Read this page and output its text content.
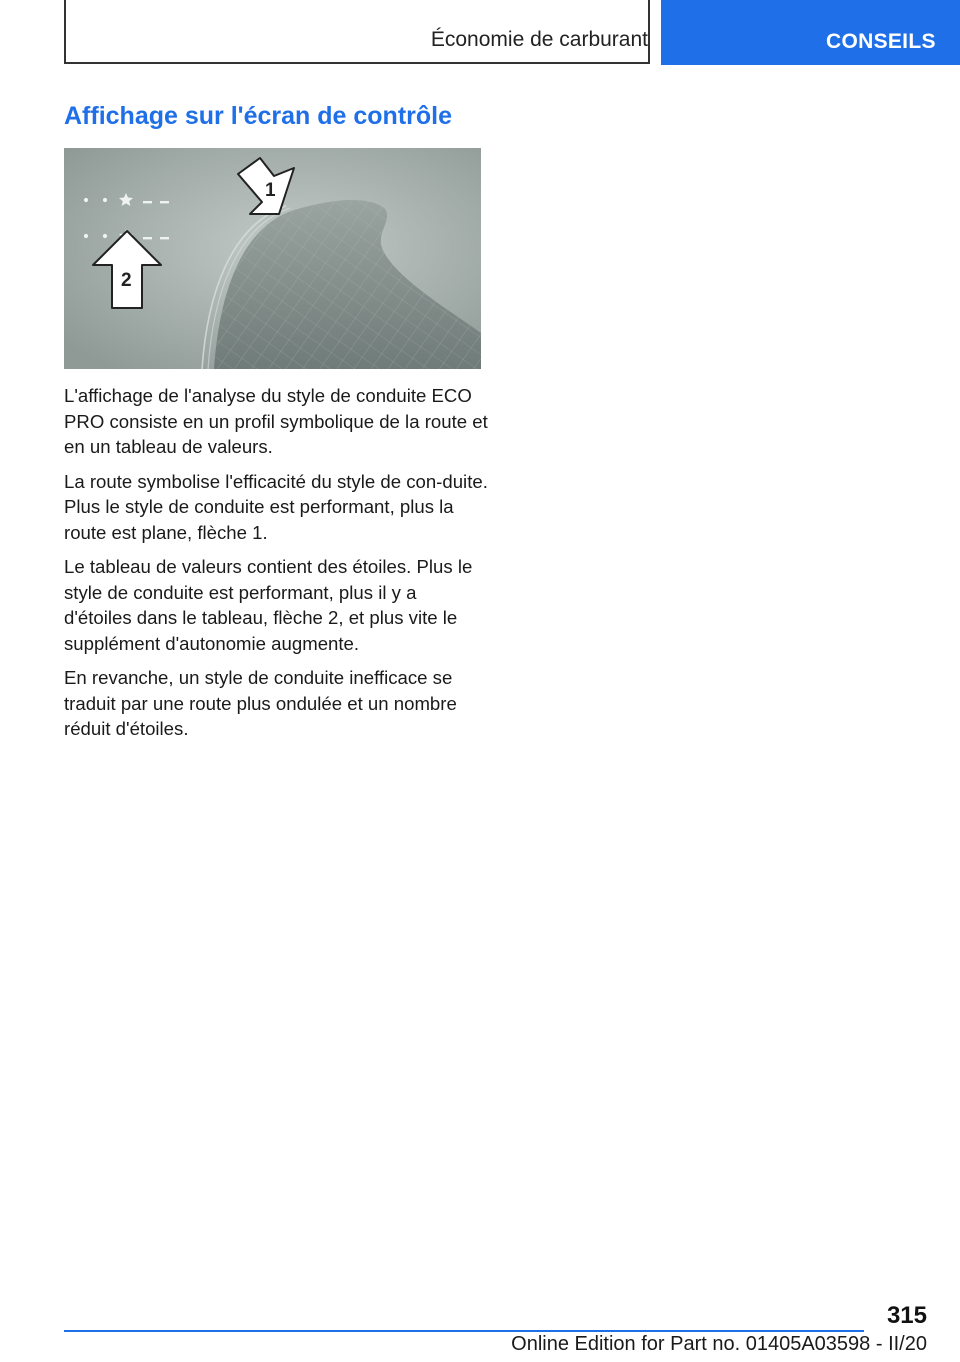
Économie de carburant	CONSEILS
Affichage sur l'écran de contrôle
1
2

L'affichage de l'analyse du style de conduite ECO PRO consiste en un profil symbolique de la route et en un tableau de valeurs.

La route symbolise l'efficacité du style de con‐duite. Plus le style de conduite est performant, plus la route est plane, flèche 1.

Le tableau de valeurs contient des étoiles. Plus le style de conduite est performant, plus il y a d'étoiles dans le tableau, flèche 2, et plus vite le supplément d'autonomie augmente.

En revanche, un style de conduite inefficace se traduit par une route plus ondulée et un nombre réduit d'étoiles.

315
Online Edition for Part no. 01405A03598 - II/20
